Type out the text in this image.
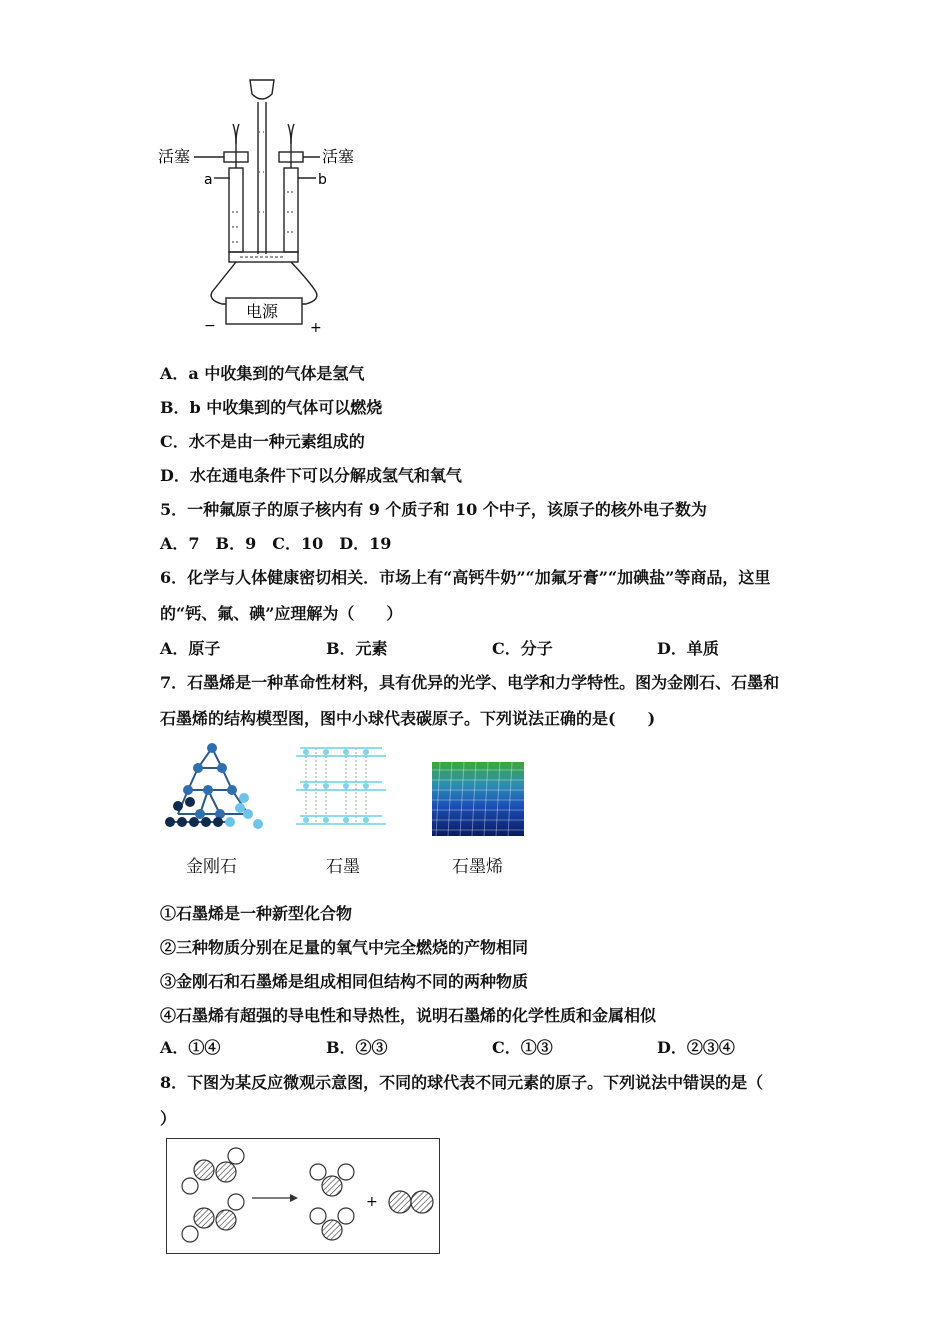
活塞	活塞
a	b
电源
−	+
A．a 中收集到的气体是氢气
B．b 中收集到的气体可以燃烧
C．水不是由一种元素组成的
D．水在通电条件下可以分解成氢气和氧气
5．一种氟原子的原子核内有 9 个质子和 10 个中子，该原子的核外电子数为
A．7　B．9　C．10　D．19
6．化学与人体健康密切相关．市场上有“高钙牛奶”“加氟牙膏”“加碘盐”等商品，这里
的“钙、氟、碘”应理解为（　　）
A．原子	B．元素	C．分子	D．单质
7．石墨烯是一种革命性材料，具有优异的光学、电学和力学特性。图为金刚石、石墨和
石墨烯的结构模型图，图中小球代表碳原子。下列说法正确的是(　　)
金刚石	石墨	石墨烯
①石墨烯是一种新型化合物
②三种物质分别在足量的氧气中完全燃烧的产物相同
③金刚石和石墨烯是组成相同但结构不同的两种物质
④石墨烯有超强的导电性和导热性，说明石墨烯的化学性质和金属相似
A．①④	B．②③	C．①③	D．②③④
8．下图为某反应微观示意图，不同的球代表不同元素的原子。下列说法中错误的是（
）
+
